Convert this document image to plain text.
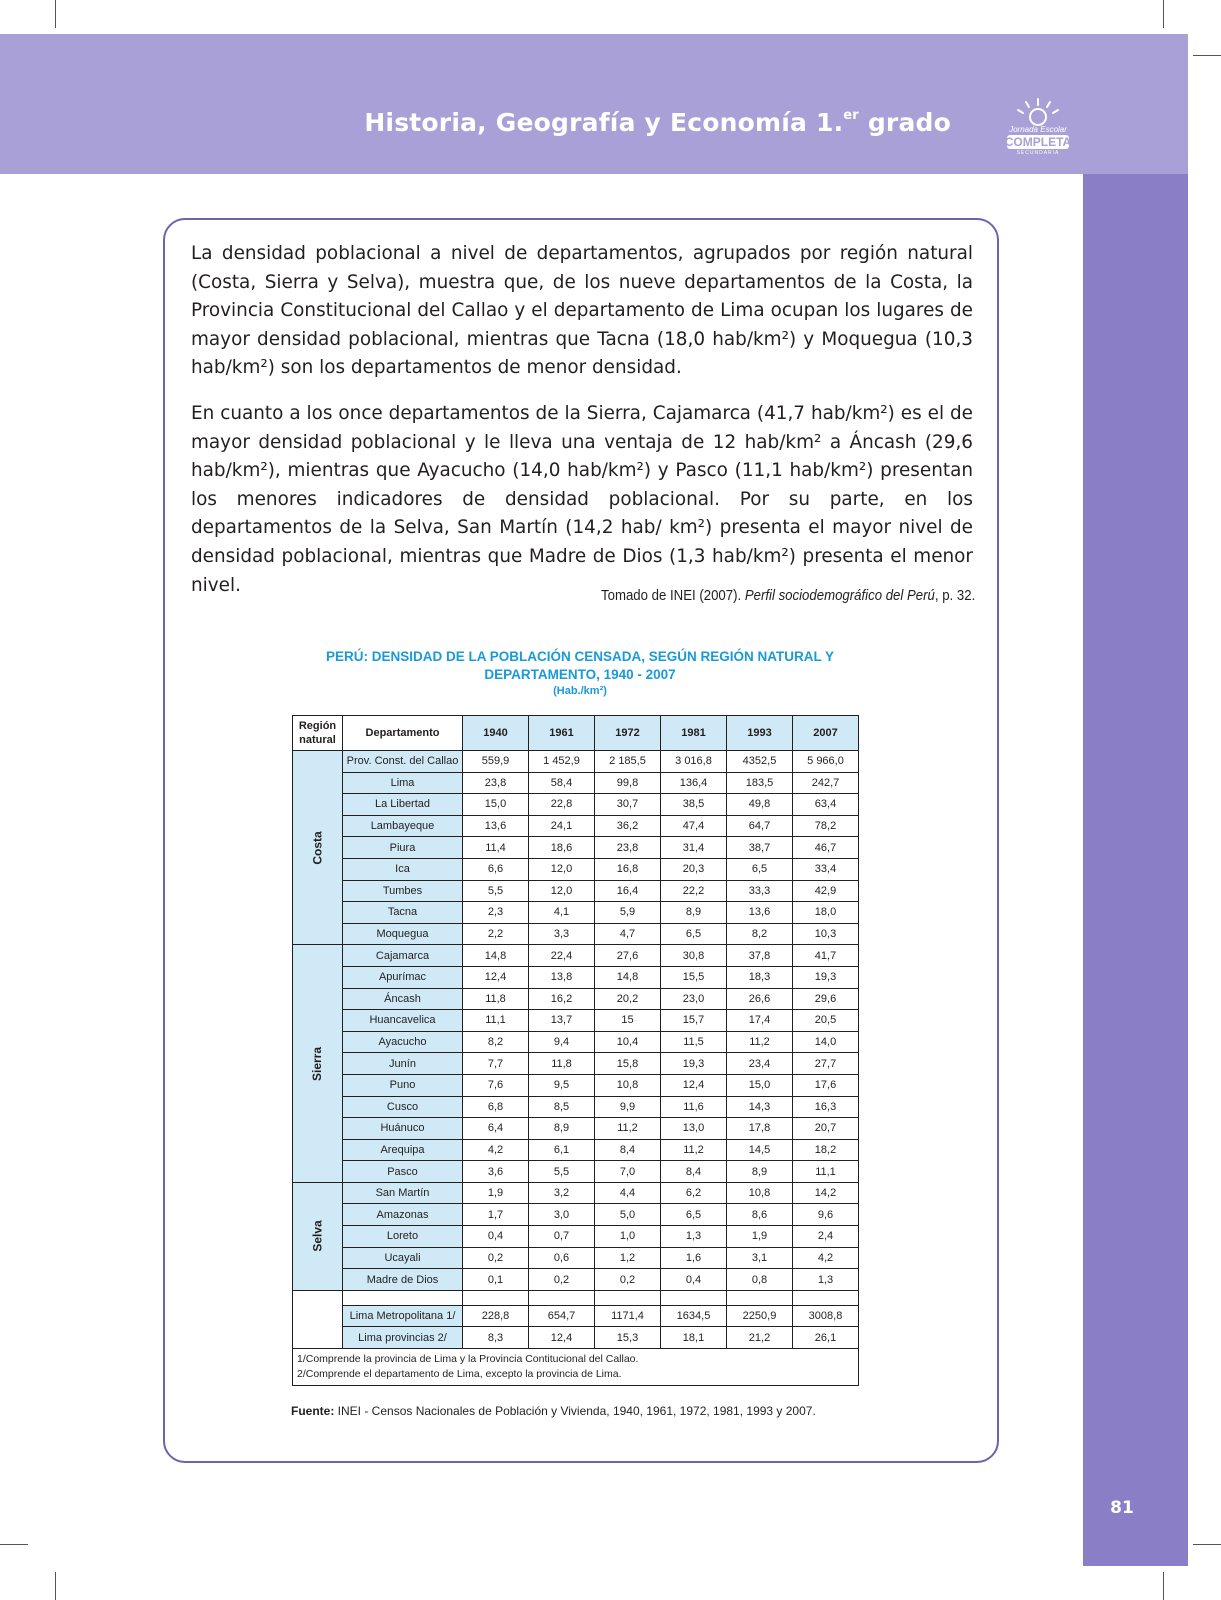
Historia, Geografía y Economía 1.$^{er}$ grado	Jornada Escolar
COMPLETA
SECUNDARIA
81

La densidad poblacional a nivel de departamentos, agrupados por región natural (Costa, Sierra y Selva), muestra que, de los nueve departamentos de la Costa, la Provincia Constitucional del Callao y el departamento de Lima ocupan los lugares de mayor densidad poblacional, mientras que Tacna (18,0 hab/km²) y Moquegua (10,3 hab/km²) son los departamentos de menor densidad.

En cuanto a los once departamentos de la Sierra, Cajamarca (41,7 hab/km²) es el de mayor densidad poblacional y le lleva una ventaja de 12 hab/km² a Áncash (29,6 hab/km²), mientras que Ayacucho (14,0 hab/km²) y Pasco (11,1 hab/km²) presentan los menores indicadores de densidad poblacional. Por su parte, en los departamentos de la Selva, San Martín (14,2 hab/ km²) presenta el mayor nivel de densidad poblacional, mientras que Madre de Dios (1,3 hab/km²) presenta el menor nivel.	Tomado de INEI (2007). Perfil sociodemográfico del Perú, p. 32.
PERÚ: DENSIDAD DE LA POBLACIÓN CENSADA, SEGÚN REGIÓN NATURAL Y
DEPARTAMENTO, 1940 - 2007
(Hab./km²)
Región natural	Departamento	1940	1961	1972	1981	1993	2007
Costa	Prov. Const. del Callao	559,9	1 452,9	2 185,5	3 016,8	4352,5	5 966,0
	Lima	23,8	58,4	99,8	136,4	183,5	242,7
	La Libertad	15,0	22,8	30,7	38,5	49,8	63,4
	Lambayeque	13,6	24,1	36,2	47,4	64,7	78,2
	Piura	11,4	18,6	23,8	31,4	38,7	46,7
	Ica	6,6	12,0	16,8	20,3	6,5	33,4
	Tumbes	5,5	12,0	16,4	22,2	33,3	42,9
	Tacna	2,3	4,1	5,9	8,9	13,6	18,0
	Moquegua	2,2	3,3	4,7	6,5	8,2	10,3
Sierra	Cajamarca	14,8	22,4	27,6	30,8	37,8	41,7
	Apurímac	12,4	13,8	14,8	15,5	18,3	19,3
	Áncash	11,8	16,2	20,2	23,0	26,6	29,6
	Huancavelica	11,1	13,7	15	15,7	17,4	20,5
	Ayacucho	8,2	9,4	10,4	11,5	11,2	14,0
	Junín	7,7	11,8	15,8	19,3	23,4	27,7
	Puno	7,6	9,5	10,8	12,4	15,0	17,6
	Cusco	6,8	8,5	9,9	11,6	14,3	16,3
	Huánuco	6,4	8,9	11,2	13,0	17,8	20,7
	Arequipa	4,2	6,1	8,4	11,2	14,5	18,2
	Pasco	3,6	5,5	7,0	8,4	8,9	11,1
Selva	San Martín	1,9	3,2	4,4	6,2	10,8	14,2
	Amazonas	1,7	3,0	5,0	6,5	8,6	9,6
	Loreto	0,4	0,7	1,0	1,3	1,9	2,4
	Ucayali	0,2	0,6	1,2	1,6	3,1	4,2
	Madre de Dios	0,1	0,2	0,2	0,4	0,8	1,3

	Lima Metropolitana 1/	228,8	654,7	1171,4	1634,5	2250,9	3008,8
	Lima provincias 2/	8,3	12,4	15,3	18,1	21,2	26,1

1/Comprende la provincia de Lima y la Provincia Contitucional del Callao.
2/Comprende el departamento de Lima, excepto la provincia de Lima.							
Fuente: INEI - Censos Nacionales de Población y Vivienda, 1940, 1961, 1972, 1981, 1993 y 2007.
